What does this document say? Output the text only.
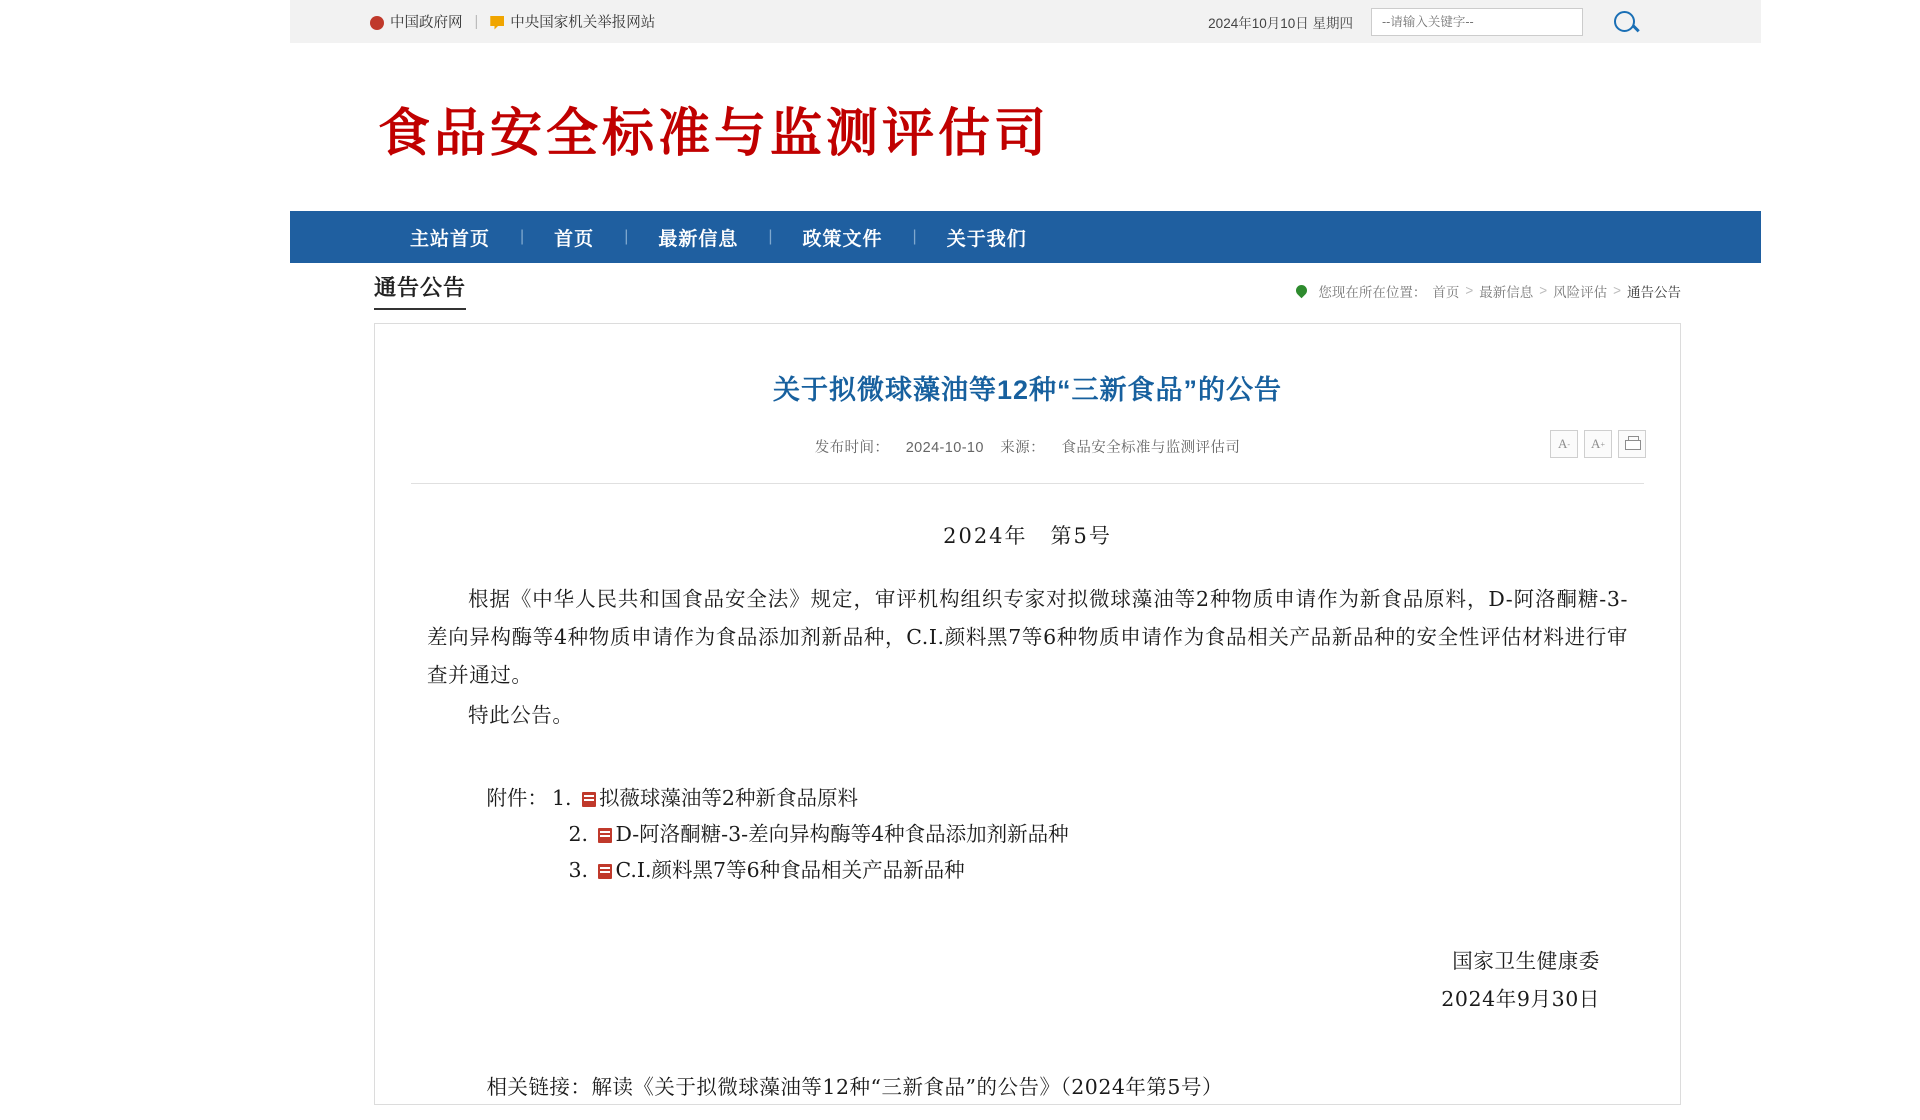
中国政府网 | 中央国家机关举报网站	2024年10月10日 星期四
--请输入关键字--
食品安全标准与监测评估司
主站首页	|	首页	|	最新信息	|	政策文件	|	关于我们
通告公告	您现在所在位置： 首页 > 最新信息 > 风险评估 > 通告公告
关于拟微球藻油等12种“三新食品”的公告
发布时间： 2024-10-10 来源： 食品安全标准与监测评估司	A - A +
2024年　第5号
根据《中华人民共和国食品安全法》规定，审评机构组织专家对拟微球藻油等2种物质申请作为新食品原料，D-阿洛酮糖-3-差向异构酶等4种物质申请作为食品添加剂新品种，C.I.颜料黑7等6种物质申请作为食品相关产品新品种的安全性评估材料进行审查并通过。
特此公告。
附件： 1.	拟薇球藻油等2种新食品原料
2.	D-阿洛酮糖-3-差向异构酶等4种食品添加剂新品种
3.	C.I.颜料黑7等6种食品相关产品新品种
国家卫生健康委
2024年9月30日
相关链接：解读《关于拟微球藻油等12种“三新食品”的公告》（2024年第5号）
